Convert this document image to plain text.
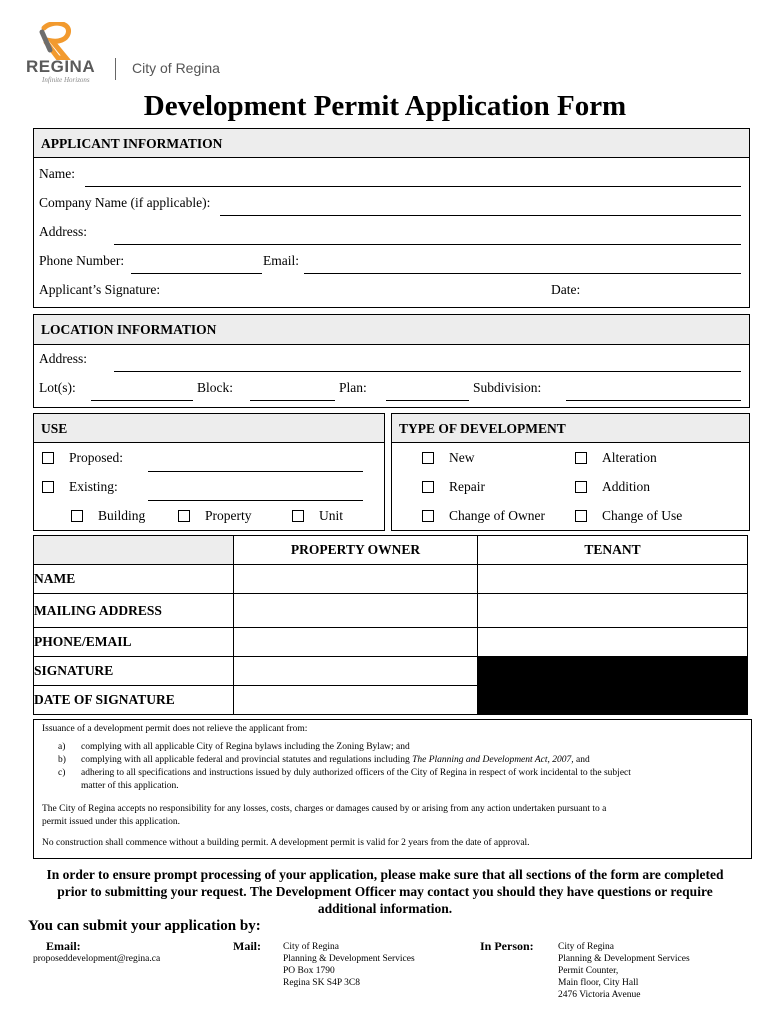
REGINA
Infinite Horizons
City of Regina
Development Permit Application Form
APPLICANT INFORMATION
Name:
Company Name (if applicable):
Address:
Phone Number:	Email:
Applicant’s Signature:	Date:
LOCATION INFORMATION
Address:
Lot(s):	Block:	Plan:	Subdivision:
USE
Proposed:
Existing:
Building	Property	Unit
TYPE OF DEVELOPMENT
New	Alteration
Repair	Addition
Change of Owner	Change of Use
	PROPERTY OWNER	TENANT
NAME		
MAILING ADDRESS		
PHONE/EMAIL		
SIGNATURE		
DATE OF SIGNATURE		
Issuance of a development permit does not relieve the applicant from:
a) complying with all applicable City of Regina bylaws including the Zoning Bylaw; and
b) complying with all applicable federal and provincial statutes and regulations including The Planning and Development Act, 2007, and
c) adhering to all specifications and instructions issued by duly authorized officers of the City of Regina in respect of work incidental to the subject
matter of this application.
The City of Regina accepts no responsibility for any losses, costs, charges or damages caused by or arising from any action undertaken pursuant to a
permit issued under this application.
No construction shall commence without a building permit. A development permit is valid for 2 years from the date of approval.
In order to ensure prompt processing of your application, please make sure that all sections of the form are completed
prior to submitting your request. The Development Officer may contact you should they have questions or require
additional information.
You can submit your application by:
Email:
proposeddevelopment@regina.ca
Mail: City of Regina
Planning & Development Services
PO Box 1790
Regina SK S4P 3C8
In Person:	City of Regina
Planning & Development Services
Permit Counter,
Main floor, City Hall
2476 Victoria Avenue
